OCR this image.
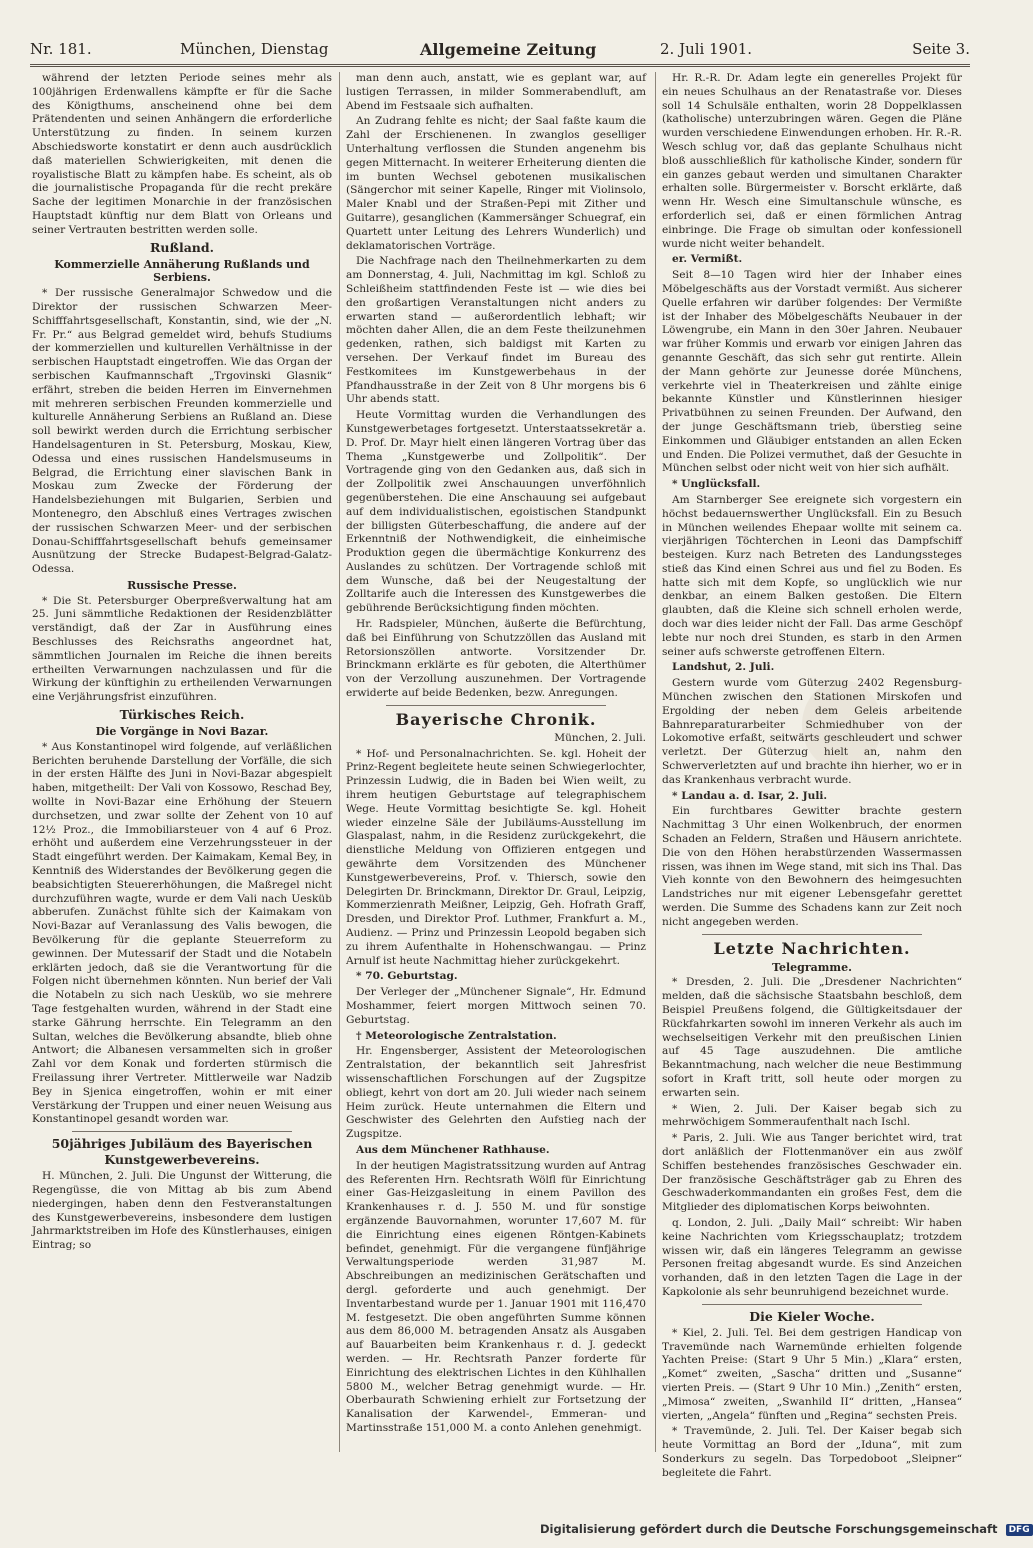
Nr. 181.	München, Dienstag	Allgemeine Zeitung	2. Juli 1901.	Seite 3.

während der letzten Periode seines mehr als 100jährigen Erdenwallens kämpfte er für die Sache des Königthums, anscheinend ohne bei dem Prätendenten und seinen Anhängern die erforderliche Unterstützung zu finden. In seinem kurzen Abschiedsworte konstatirt er denn auch ausdrücklich daß materiellen Schwierigkeiten, mit denen die royalistische Blatt zu kämpfen habe. Es scheint, als ob die journalistische Propaganda für die recht prekäre Sache der legitimen Monarchie in der französischen Hauptstadt künftig nur dem Blatt von Orleans und seiner Vertrauten bestritten werden solle.

Rußland.

Kommerzielle Annäherung Rußlands und Serbiens.

* Der russische Generalmajor Schwedow und die Direktor der russischen Schwarzen Meer-Schifffahrtsgesellschaft, Konstantin, sind, wie der „N. Fr. Pr.“ aus Belgrad gemeldet wird, behufs Studiums der kommerziellen und kulturellen Verhältnisse in der serbischen Hauptstadt eingetroffen. Wie das Organ der serbischen Kaufmannschaft „Trgovinski Glasnik“ erfährt, streben die beiden Herren im Einvernehmen mit mehreren serbischen Freunden kommerzielle und kulturelle Annäherung Serbiens an Rußland an. Diese soll bewirkt werden durch die Errichtung serbischer Handelsagenturen in St. Petersburg, Moskau, Kiew, Odessa und eines russischen Handelsmuseums in Belgrad, die Errichtung einer slavischen Bank in Moskau zum Zwecke der Förderung der Handelsbeziehungen mit Bulgarien, Serbien und Montenegro, den Abschluß eines Vertrages zwischen der russischen Schwarzen Meer- und der serbischen Donau-Schifffahrtsgesellschaft behufs gemeinsamer Ausnützung der Strecke Budapest-Belgrad-Galatz-Odessa.

Russische Presse.

* Die St. Petersburger Oberpreßverwaltung hat am 25. Juni sämmtliche Redaktionen der Residenzblätter verständigt, daß der Zar in Ausführung eines Beschlusses des Reichsraths angeordnet hat, sämmtlichen Journalen im Reiche die ihnen bereits ertheilten Verwarnungen nachzulassen und für die Wirkung der künftighin zu ertheilenden Verwarnungen eine Verjährungsfrist einzuführen.

Türkisches Reich.

Die Vorgänge in Novi Bazar.

* Aus Konstantinopel wird folgende, auf verläßlichen Berichten beruhende Darstellung der Vorfälle, die sich in der ersten Hälfte des Juni in Novi-Bazar abgespielt haben, mitgetheilt: Der Vali von Kossowo, Reschad Bey, wollte in Novi-Bazar eine Erhöhung der Steuern durchsetzen, und zwar sollte der Zehent von 10 auf 12½ Proz., die Immobiliarsteuer von 4 auf 6 Proz. erhöht und außerdem eine Verzehrungssteuer in der Stadt eingeführt werden. Der Kaimakam, Kemal Bey, in Kenntniß des Widerstandes der Bevölkerung gegen die beabsichtigten Steuererhöhungen, die Maßregel nicht durchzuführen wagte, wurde er dem Vali nach Uesküb abberufen. Zunächst fühlte sich der Kaimakam von Novi-Bazar auf Veranlassung des Valis bewogen, die Bevölkerung für die geplante Steuerreform zu gewinnen. Der Mutessarif der Stadt und die Notabeln erklärten jedoch, daß sie die Verantwortung für die Folgen nicht übernehmen könnten. Nun berief der Vali die Notabeln zu sich nach Uesküb, wo sie mehrere Tage festgehalten wurden, während in der Stadt eine starke Gährung herrschte. Ein Telegramm an den Sultan, welches die Bevölkerung absandte, blieb ohne Antwort; die Albanesen versammelten sich in großer Zahl vor dem Konak und forderten stürmisch die Freilassung ihrer Vertreter. Mittlerweile war Nadzib Bey in Sjenica eingetroffen, wohin er mit einer Verstärkung der Truppen und einer neuen Weisung aus Konstantinopel gesandt worden war.

50jähriges Jubiläum des Bayerischen Kunstgewerbevereins.

H. München, 2. Juli. Die Ungunst der Witterung, die Regengüsse, die von Mittag ab bis zum Abend niedergingen, haben denn den Festveranstaltungen des Kunstgewerbevereins, insbesondere dem lustigen Jahrmarktstreiben im Hofe des Künstlerhauses, einigen Eintrag; so

man denn auch, anstatt, wie es geplant war, auf lustigen Terrassen, in milder Sommerabendluft, am Abend im Festsaale sich aufhalten.

An Zudrang fehlte es nicht; der Saal faßte kaum die Zahl der Erschienenen. In zwanglos geselliger Unterhaltung verflossen die Stunden angenehm bis gegen Mitternacht. In weiterer Erheiterung dienten die im bunten Wechsel gebotenen musikalischen (Sängerchor mit seiner Kapelle, Ringer mit Violinsolo, Maler Knabl und der Straßen-Pepi mit Zither und Guitarre), gesanglichen (Kammersänger Schuegraf, ein Quartett unter Leitung des Lehrers Wunderlich) und deklamatorischen Vorträge.

Die Nachfrage nach den Theilnehmerkarten zu dem am Donnerstag, 4. Juli, Nachmittag im kgl. Schloß zu Schleißheim stattfindenden Feste ist — wie dies bei den großartigen Veranstaltungen nicht anders zu erwarten stand — außerordentlich lebhaft; wir möchten daher Allen, die an dem Feste theilzunehmen gedenken, rathen, sich baldigst mit Karten zu versehen. Der Verkauf findet im Bureau des Festkomitees im Kunstgewerbehaus in der Pfandhausstraße in der Zeit von 8 Uhr morgens bis 6 Uhr abends statt.

Heute Vormittag wurden die Verhandlungen des Kunstgewerbetages fortgesetzt. Unterstaatssekretär a. D. Prof. Dr. Mayr hielt einen längeren Vortrag über das Thema „Kunstgewerbe und Zollpolitik“. Der Vortragende ging von den Gedanken aus, daß sich in der Zollpolitik zwei Anschauungen unverföhnlich gegenüberstehen. Die eine Anschauung sei aufgebaut auf dem individualistischen, egoistischen Standpunkt der billigsten Güterbeschaffung, die andere auf der Erkenntniß der Nothwendigkeit, die einheimische Produktion gegen die übermächtige Konkurrenz des Auslandes zu schützen. Der Vortragende schloß mit dem Wunsche, daß bei der Neugestaltung der Zolltarife auch die Interessen des Kunstgewerbes die gebührende Berücksichtigung finden möchten.

Hr. Radspieler, München, äußerte die Befürchtung, daß bei Einführung von Schutzzöllen das Ausland mit Retorsionszöllen antworte. Vorsitzender Dr. Brinckmann erklärte es für geboten, die Alterthümer von der Verzollung auszunehmen. Der Vortragende erwiderte auf beide Bedenken, bezw. Anregungen.

Bayerische Chronik.

München, 2. Juli.

* Hof- und Personalnachrichten. Se. kgl. Hoheit der Prinz-Regent begleitete heute seinen Schwiegerlochter, Prinzessin Ludwig, die in Baden bei Wien weilt, zu ihrem heutigen Geburtstage auf telegraphischem Wege. Heute Vormittag besichtigte Se. kgl. Hoheit wieder einzelne Säle der Jubiläums-Ausstellung im Glaspalast, nahm, in die Residenz zurückgekehrt, die dienstliche Meldung von Offizieren entgegen und gewährte dem Vorsitzenden des Münchener Kunstgewerbevereins, Prof. v. Thiersch, sowie den Delegirten Dr. Brinckmann, Direktor Dr. Graul, Leipzig, Kommerzienrath Meißner, Leipzig, Geh. Hofrath Graff, Dresden, und Direktor Prof. Luthmer, Frankfurt a. M., Audienz. — Prinz und Prinzessin Leopold begaben sich zu ihrem Aufenthalte in Hohenschwangau. — Prinz Arnulf ist heute Nachmittag hieher zurückgekehrt.

* 70. Geburtstag.

Der Verleger der „Münchener Signale“, Hr. Edmund Moshammer, feiert morgen Mittwoch seinen 70. Geburtstag.

† Meteorologische Zentralstation.

Hr. Engensberger, Assistent der Meteorologischen Zentralstation, der bekanntlich seit Jahresfrist wissenschaftlichen Forschungen auf der Zugspitze obliegt, kehrt von dort am 20. Juli wieder nach seinem Heim zurück. Heute unternahmen die Eltern und Geschwister des Gelehrten den Aufstieg nach der Zugspitze.

Aus dem Münchener Rathhause.

In der heutigen Magistratssitzung wurden auf Antrag des Referenten Hrn. Rechtsrath Wölfl für Einrichtung einer Gas-Heizgasleitung in einem Pavillon des Krankenhauses r. d. J. 550 M. und für sonstige ergänzende Bauvornahmen, worunter 17,607 M. für die Einrichtung eines eigenen Röntgen-Kabinets befindet, genehmigt. Für die vergangene fünfjährige Verwaltungsperiode werden 31,987 M. Abschreibungen an medizinischen Gerätschaften und dergl. geforderte und auch genehmigt. Der Inventarbestand wurde per 1. Januar 1901 mit 116,470 M. festgesetzt. Die oben angeführten Summe können aus dem 86,000 M. betragenden Ansatz als Ausgaben auf Bauarbeiten beim Krankenhaus r. d. J. gedeckt werden. — Hr. Rechtsrath Panzer forderte für Einrichtung des elektrischen Lichtes in den Kühlhallen 5800 M., welcher Betrag genehmigt wurde. — Hr. Oberbaurath Schwiening erhielt zur Fortsetzung der Kanalisation der Karwendel-, Emmeran- und Martinsstraße 151,000 M. a conto Anlehen genehmigt.

Hr. R.-R. Dr. Adam legte ein generelles Projekt für ein neues Schulhaus an der Renatastraße vor. Dieses soll 14 Schulsäle enthalten, worin 28 Doppelklassen (katholische) unterzubringen wären. Gegen die Pläne wurden verschiedene Einwendungen erhoben. Hr. R.-R. Wesch schlug vor, daß das geplante Schulhaus nicht bloß ausschließlich für katholische Kinder, sondern für ein ganzes gebaut werden und simultanen Charakter erhalten solle. Bürgermeister v. Borscht erklärte, daß wenn Hr. Wesch eine Simultanschule wünsche, es erforderlich sei, daß er einen förmlichen Antrag einbringe. Die Frage ob simultan oder konfessionell wurde nicht weiter behandelt.

er. Vermißt.

Seit 8—10 Tagen wird hier der Inhaber eines Möbelgeschäfts aus der Vorstadt vermißt. Aus sicherer Quelle erfahren wir darüber folgendes: Der Vermißte ist der Inhaber des Möbelgeschäfts Neubauer in der Löwengrube, ein Mann in den 30er Jahren. Neubauer war früher Kommis und erwarb vor einigen Jahren das genannte Geschäft, das sich sehr gut rentirte. Allein der Mann gehörte zur Jeunesse dorée Münchens, verkehrte viel in Theaterkreisen und zählte einige bekannte Künstler und Künstlerinnen hiesiger Privatbühnen zu seinen Freunden. Der Aufwand, den der junge Geschäftsmann trieb, überstieg seine Einkommen und Gläubiger entstanden an allen Ecken und Enden. Die Polizei vermuthet, daß der Gesuchte in München selbst oder nicht weit von hier sich aufhält.

* Unglücksfall.

Am Starnberger See ereignete sich vorgestern ein höchst bedauernswerther Unglücksfall. Ein zu Besuch in München weilendes Ehepaar wollte mit seinem ca. vierjährigen Töchterchen in Leoni das Dampfschiff besteigen. Kurz nach Betreten des Landungssteges stieß das Kind einen Schrei aus und fiel zu Boden. Es hatte sich mit dem Kopfe, so unglücklich wie nur denkbar, an einem Balken gestoßen. Die Eltern glaubten, daß die Kleine sich schnell erholen werde, doch war dies leider nicht der Fall. Das arme Geschöpf lebte nur noch drei Stunden, es starb in den Armen seiner aufs schwerste getroffenen Eltern.

Landshut, 2. Juli.

Gestern wurde vom Güterzug 2402 Regensburg-München zwischen den Stationen Mirskofen und Ergolding der neben dem Geleis arbeitende Bahnreparaturarbeiter Schmiedhuber von der Lokomotive erfaßt, seitwärts geschleudert und schwer verletzt. Der Güterzug hielt an, nahm den Schwerverletzten auf und brachte ihn hierher, wo er in das Krankenhaus verbracht wurde.

* Landau a. d. Isar, 2. Juli.

Ein furchtbares Gewitter brachte gestern Nachmittag 3 Uhr einen Wolkenbruch, der enormen Schaden an Feldern, Straßen und Häusern anrichtete. Die von den Höhen herabstürzenden Wassermassen rissen, was ihnen im Wege stand, mit sich ins Thal. Das Vieh konnte von den Bewohnern des heimgesuchten Landstriches nur mit eigener Lebensgefahr gerettet werden. Die Summe des Schadens kann zur Zeit noch nicht angegeben werden.

Letzte Nachrichten.

Telegramme.

* Dresden, 2. Juli. Die „Dresdener Nachrichten“ melden, daß die sächsische Staatsbahn beschloß, dem Beispiel Preußens folgend, die Gültigkeitsdauer der Rückfahrkarten sowohl im inneren Verkehr als auch im wechselseitigen Verkehr mit den preußischen Linien auf 45 Tage auszudehnen. Die amtliche Bekanntmachung, nach welcher die neue Bestimmung sofort in Kraft tritt, soll heute oder morgen zu erwarten sein.

* Wien, 2. Juli. Der Kaiser begab sich zu mehrwöchigem Sommeraufenthalt nach Ischl.

* Paris, 2. Juli. Wie aus Tanger berichtet wird, trat dort anläßlich der Flottenmanöver ein aus zwölf Schiffen bestehendes französisches Geschwader ein. Der französische Geschäftsträger gab zu Ehren des Geschwaderkommandanten ein großes Fest, dem die Mitglieder des diplomatischen Korps beiwohnten.

q. London, 2. Juli. „Daily Mail“ schreibt: Wir haben keine Nachrichten vom Kriegsschauplatz; trotzdem wissen wir, daß ein längeres Telegramm an gewisse Personen freitag abgesandt wurde. Es sind Anzeichen vorhanden, daß in den letzten Tagen die Lage in der Kapkolonie als sehr beunruhigend bezeichnet wurde.

Die Kieler Woche.

* Kiel, 2. Juli. Tel. Bei dem gestrigen Handicap von Travemünde nach Warnemünde erhielten folgende Yachten Preise: (Start 9 Uhr 5 Min.) „Klara“ ersten, „Komet“ zweiten, „Sascha“ dritten und „Susanne“ vierten Preis. — (Start 9 Uhr 10 Min.) „Zenith“ ersten, „Mimosa“ zweiten, „Swanhild II“ dritten, „Hansea“ vierten, „Angela“ fünften und „Regina“ sechsten Preis.

* Travemünde, 2. Juli. Tel. Der Kaiser begab sich heute Vormittag an Bord der „Iduna“, mit zum Sonderkurs zu segeln. Das Torpedoboot „Sleipner“ begleitete die Fahrt.

Digitalisierung gefördert durch die Deutsche Forschungsgemeinschaft DFG
